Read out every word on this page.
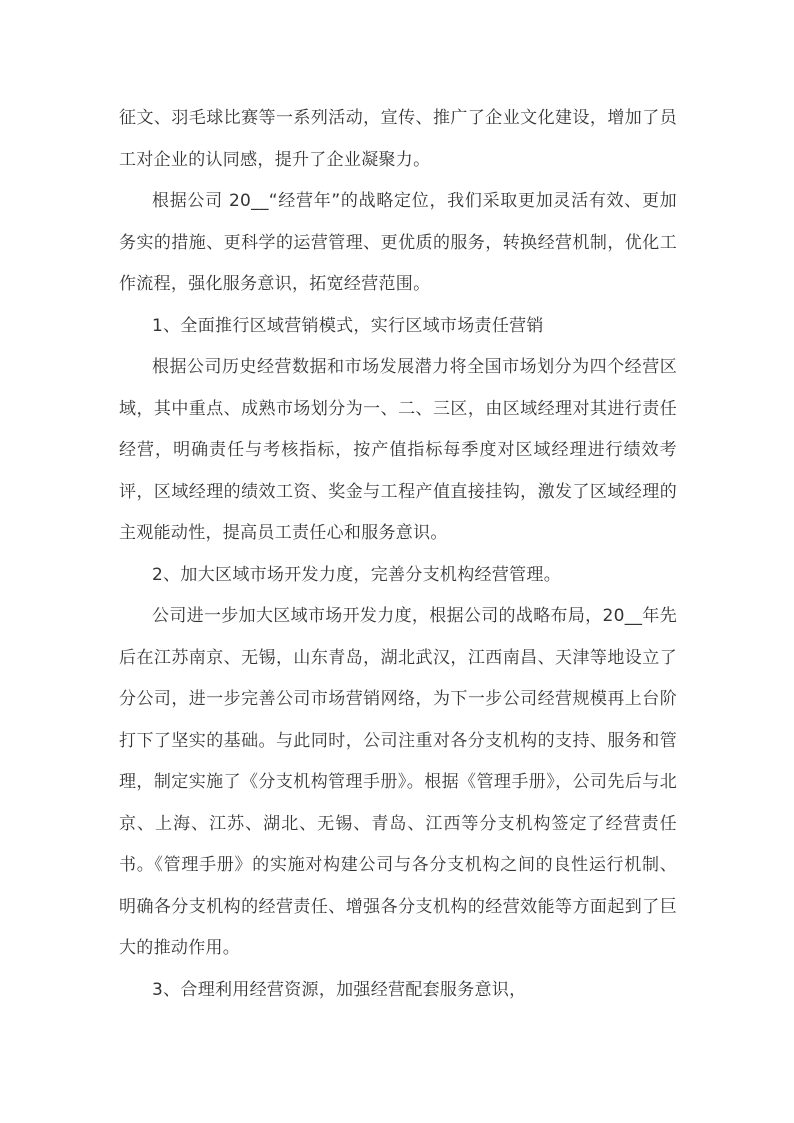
征文、羽毛球比赛等一系列活动，宣传、推广了企业文化建设，增加了员工对企业的认同感，提升了企业凝聚力。

根据公司 20__“经营年”的战略定位，我们采取更加灵活有效、更加务实的措施、更科学的运营管理、更优质的服务，转换经营机制，优化工作流程，强化服务意识，拓宽经营范围。

1、全面推行区域营销模式，实行区域市场责任营销

根据公司历史经营数据和市场发展潜力将全国市场划分为四个经营区域，其中重点、成熟市场划分为一、二、三区，由区域经理对其进行责任经营，明确责任与考核指标，按产值指标每季度对区域经理进行绩效考评，区域经理的绩效工资、奖金与工程产值直接挂钩，激发了区域经理的主观能动性，提高员工责任心和服务意识。

2、加大区域市场开发力度，完善分支机构经营管理。

公司进一步加大区域市场开发力度，根据公司的战略布局，20__年先后在江苏南京、无锡，山东青岛，湖北武汉，江西南昌、天津等地设立了分公司，进一步完善公司市场营销网络，为下一步公司经营规模再上台阶打下了坚实的基础。与此同时，公司注重对各分支机构的支持、服务和管理，制定实施了《分支机构管理手册》。根据《管理手册》，公司先后与北京、上海、江苏、湖北、无锡、青岛、江西等分支机构签定了经营责任书。《管理手册》的实施对构建公司与各分支机构之间的良性运行机制、明确各分支机构的经营责任、增强各分支机构的经营效能等方面起到了巨大的推动作用。

3、合理利用经营资源，加强经营配套服务意识，
